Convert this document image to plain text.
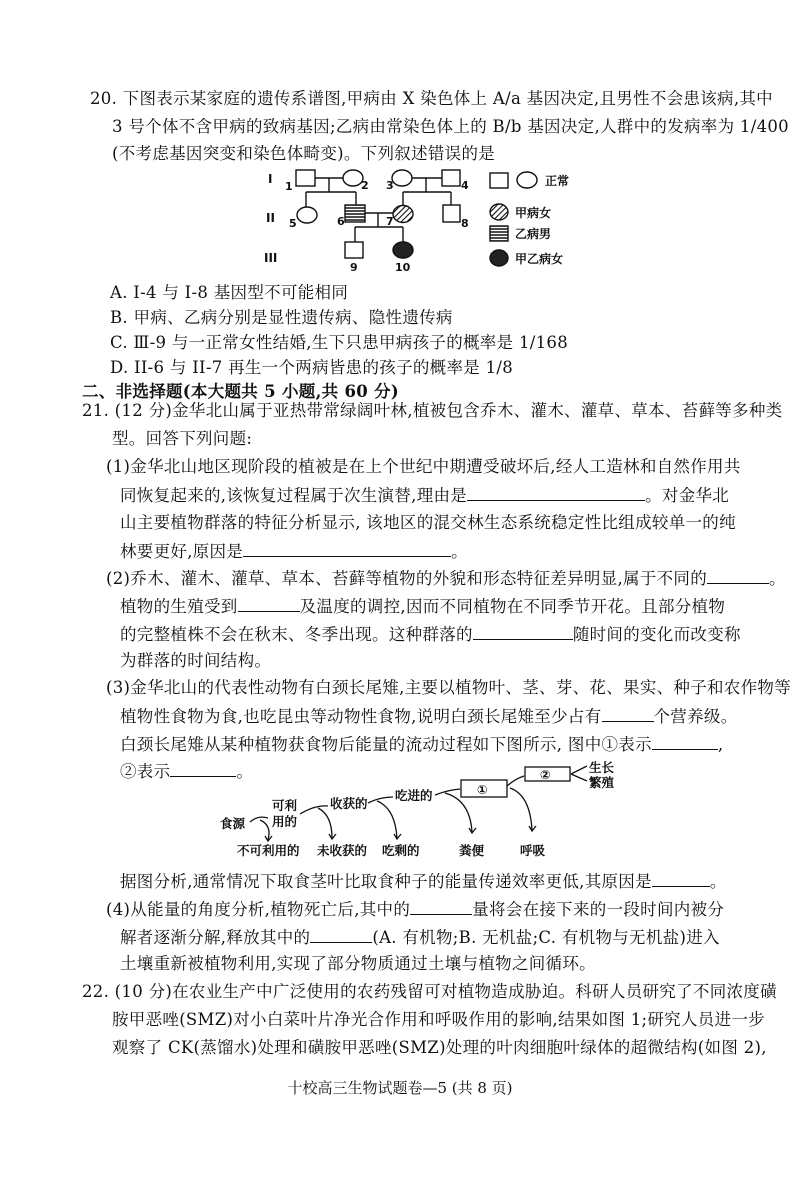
20. 下图表示某家庭的遗传系谱图,甲病由 X 染色体上 A/a 基因决定,且男性不会患该病,其中
3 号个体不含甲病的致病基因;乙病由常染色体上的 B/b 基因决定,人群中的发病率为 1/400
(不考虑基因突变和染色体畸变)。下列叙述错误的是
I
II
III
1	2 3	4
5	6	7	8
9	10
正常
甲病女
乙病男
甲乙病女
食源
可利
用的
收获的
吃进的	①
②	生长
繁殖
不可利用的 未收获的 吃剩的	粪便	呼吸
A. I-4 与 I-8 基因型不可能相同
B. 甲病、乙病分别是显性遗传病、隐性遗传病
C. Ⅲ-9 与一正常女性结婚,生下只患甲病孩子的概率是 1/168
D. II-6 与 II-7 再生一个两病皆患的孩子的概率是 1/8
二、非选择题(本大题共 5 小题,共 60 分)
21. (12 分)金华北山属于亚热带常绿阔叶林,植被包含乔木、灌木、灌草、草本、苔藓等多种类
型。回答下列问题:
(1)金华北山地区现阶段的植被是在上个世纪中期遭受破坏后,经人工造林和自然作用共
同恢复起来的,该恢复过程属于次生演替,理由是	。对金华北
山主要植物群落的特征分析显示, 该地区的混交林生态系统稳定性比组成较单一的纯
林要更好,原因是	。
(2)乔木、灌木、灌草、草本、苔藓等植物的外貌和形态特征差异明显,属于不同的	。
植物的生殖受到	及温度的调控,因而不同植物在不同季节开花。且部分植物
的完整植株不会在秋末、冬季出现。这种群落的	随时间的变化而改变称
为群落的时间结构。
(3)金华北山的代表性动物有白颈长尾雉,主要以植物叶、茎、芽、花、果实、种子和农作物等
植物性食物为食,也吃昆虫等动物性食物,说明白颈长尾雉至少占有	个营养级。
白颈长尾雉从某种植物获食物后能量的流动过程如下图所示, 图中①表示	,
②表示	。
据图分析,通常情况下取食茎叶比取食种子的能量传递效率更低,其原因是	。
(4)从能量的角度分析,植物死亡后,其中的	量将会在接下来的一段时间内被分
解者逐渐分解,释放其中的	(A. 有机物;B. 无机盐;C. 有机物与无机盐)进入
土壤重新被植物利用,实现了部分物质通过土壤与植物之间循环。
22. (10 分)在农业生产中广泛使用的农药残留可对植物造成胁迫。科研人员研究了不同浓度磺
胺甲恶唑(SMZ)对小白菜叶片净光合作用和呼吸作用的影响,结果如图 1;研究人员进一步
观察了 CK(蒸馏水)处理和磺胺甲恶唑(SMZ)处理的叶肉细胞叶绿体的超微结构(如图 2),
十校高三生物试题卷—5 (共 8 页)
